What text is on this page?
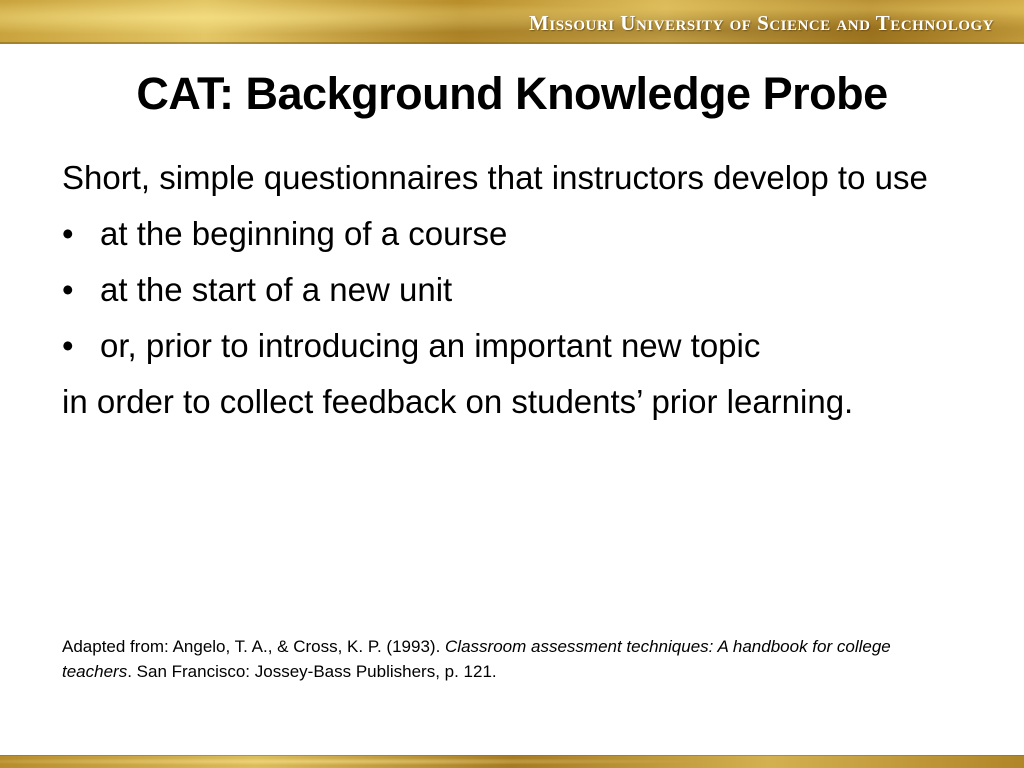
Missouri University of Science and Technology
CAT: Background Knowledge Probe

Short, simple questionnaires that instructors develop to use

• at the beginning of a course
• at the start of a new unit
• or, prior to introducing an important new topic

in order to collect feedback on students’ prior learning.

Adapted from: Angelo, T. A., & Cross, K. P. (1993). Classroom assessment techniques: A handbook for college teachers. San Francisco: Jossey-Bass Publishers, p. 121.
